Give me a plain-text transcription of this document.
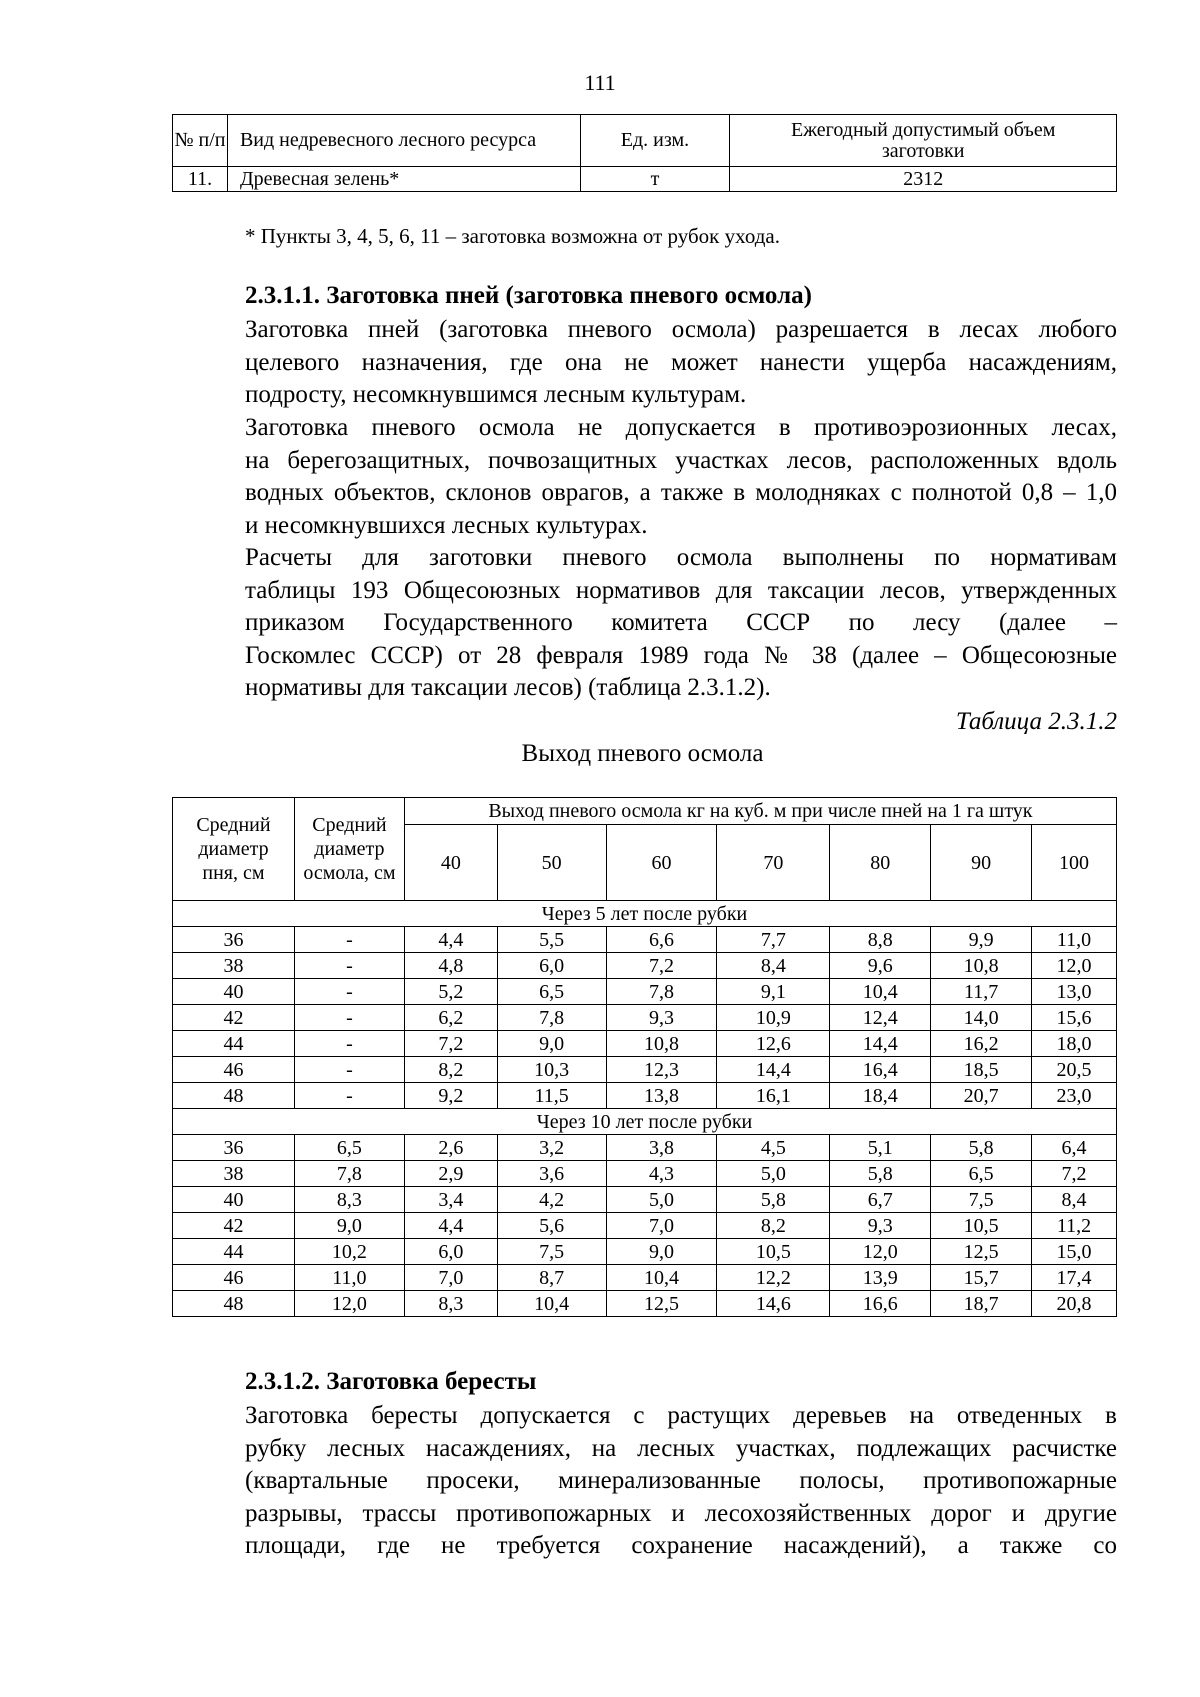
111
№ п/п	Вид недревесного лесного ресурса	Ед. изм.	Ежегодный допустимый объем заготовки
11.	Древесная зелень*	т	2312
* Пункты 3, 4, 5, 6, 11 – заготовка возможна от рубок ухода.
2.3.1.1. Заготовка пней (заготовка пневого осмола)

Заготовка пней (заготовка пневого осмола) разрешается в лесах любого
целевого назначения, где она не может нанести ущерба насаждениям,
подросту, несомкнувшимся лесным культурам.

Заготовка пневого осмола не допускается в противоэрозионных лесах,
на берегозащитных, почвозащитных участках лесов, расположенных вдоль
водных объектов, склонов оврагов, а также в молодняках с полнотой 0,8 – 1,0
и несомкнувшихся лесных культурах.

Расчеты для заготовки пневого осмола выполнены по нормативам
таблицы 193 Общесоюзных нормативов для таксации лесов, утвержденных
приказом Государственного комитета СССР по лесу (далее –
Госкомлес СССР) от 28 февраля 1989 года № 38 (далее – Общесоюзные
нормативы для таксации лесов) (таблица 2.3.1.2).

Таблица 2.3.1.2
Выход пневого осмола
Средний диаметр пня, см	Средний диаметр осмола, см	Выход пневого осмола кг на куб. м при числе пней на 1 га штук						
		40	50	60	70	80	90	100
Через 5 лет после рубки								
36	-	4,4	5,5	6,6	7,7	8,8	9,9	11,0
38	-	4,8	6,0	7,2	8,4	9,6	10,8	12,0
40	-	5,2	6,5	7,8	9,1	10,4	11,7	13,0
42	-	6,2	7,8	9,3	10,9	12,4	14,0	15,6
44	-	7,2	9,0	10,8	12,6	14,4	16,2	18,0
46	-	8,2	10,3	12,3	14,4	16,4	18,5	20,5
48	-	9,2	11,5	13,8	16,1	18,4	20,7	23,0
Через 10 лет после рубки								
36	6,5	2,6	3,2	3,8	4,5	5,1	5,8	6,4
38	7,8	2,9	3,6	4,3	5,0	5,8	6,5	7,2
40	8,3	3,4	4,2	5,0	5,8	6,7	7,5	8,4
42	9,0	4,4	5,6	7,0	8,2	9,3	10,5	11,2
44	10,2	6,0	7,5	9,0	10,5	12,0	12,5	15,0
46	11,0	7,0	8,7	10,4	12,2	13,9	15,7	17,4
48	12,0	8,3	10,4	12,5	14,6	16,6	18,7	20,8
2.3.1.2. Заготовка бересты

Заготовка бересты допускается с растущих деревьев на отведенных в
рубку лесных насаждениях, на лесных участках, подлежащих расчистке
(квартальные просеки, минерализованные полосы, противопожарные
разрывы, трассы противопожарных и лесохозяйственных дорог и другие
площади, где не требуется сохранение насаждений), а также со
